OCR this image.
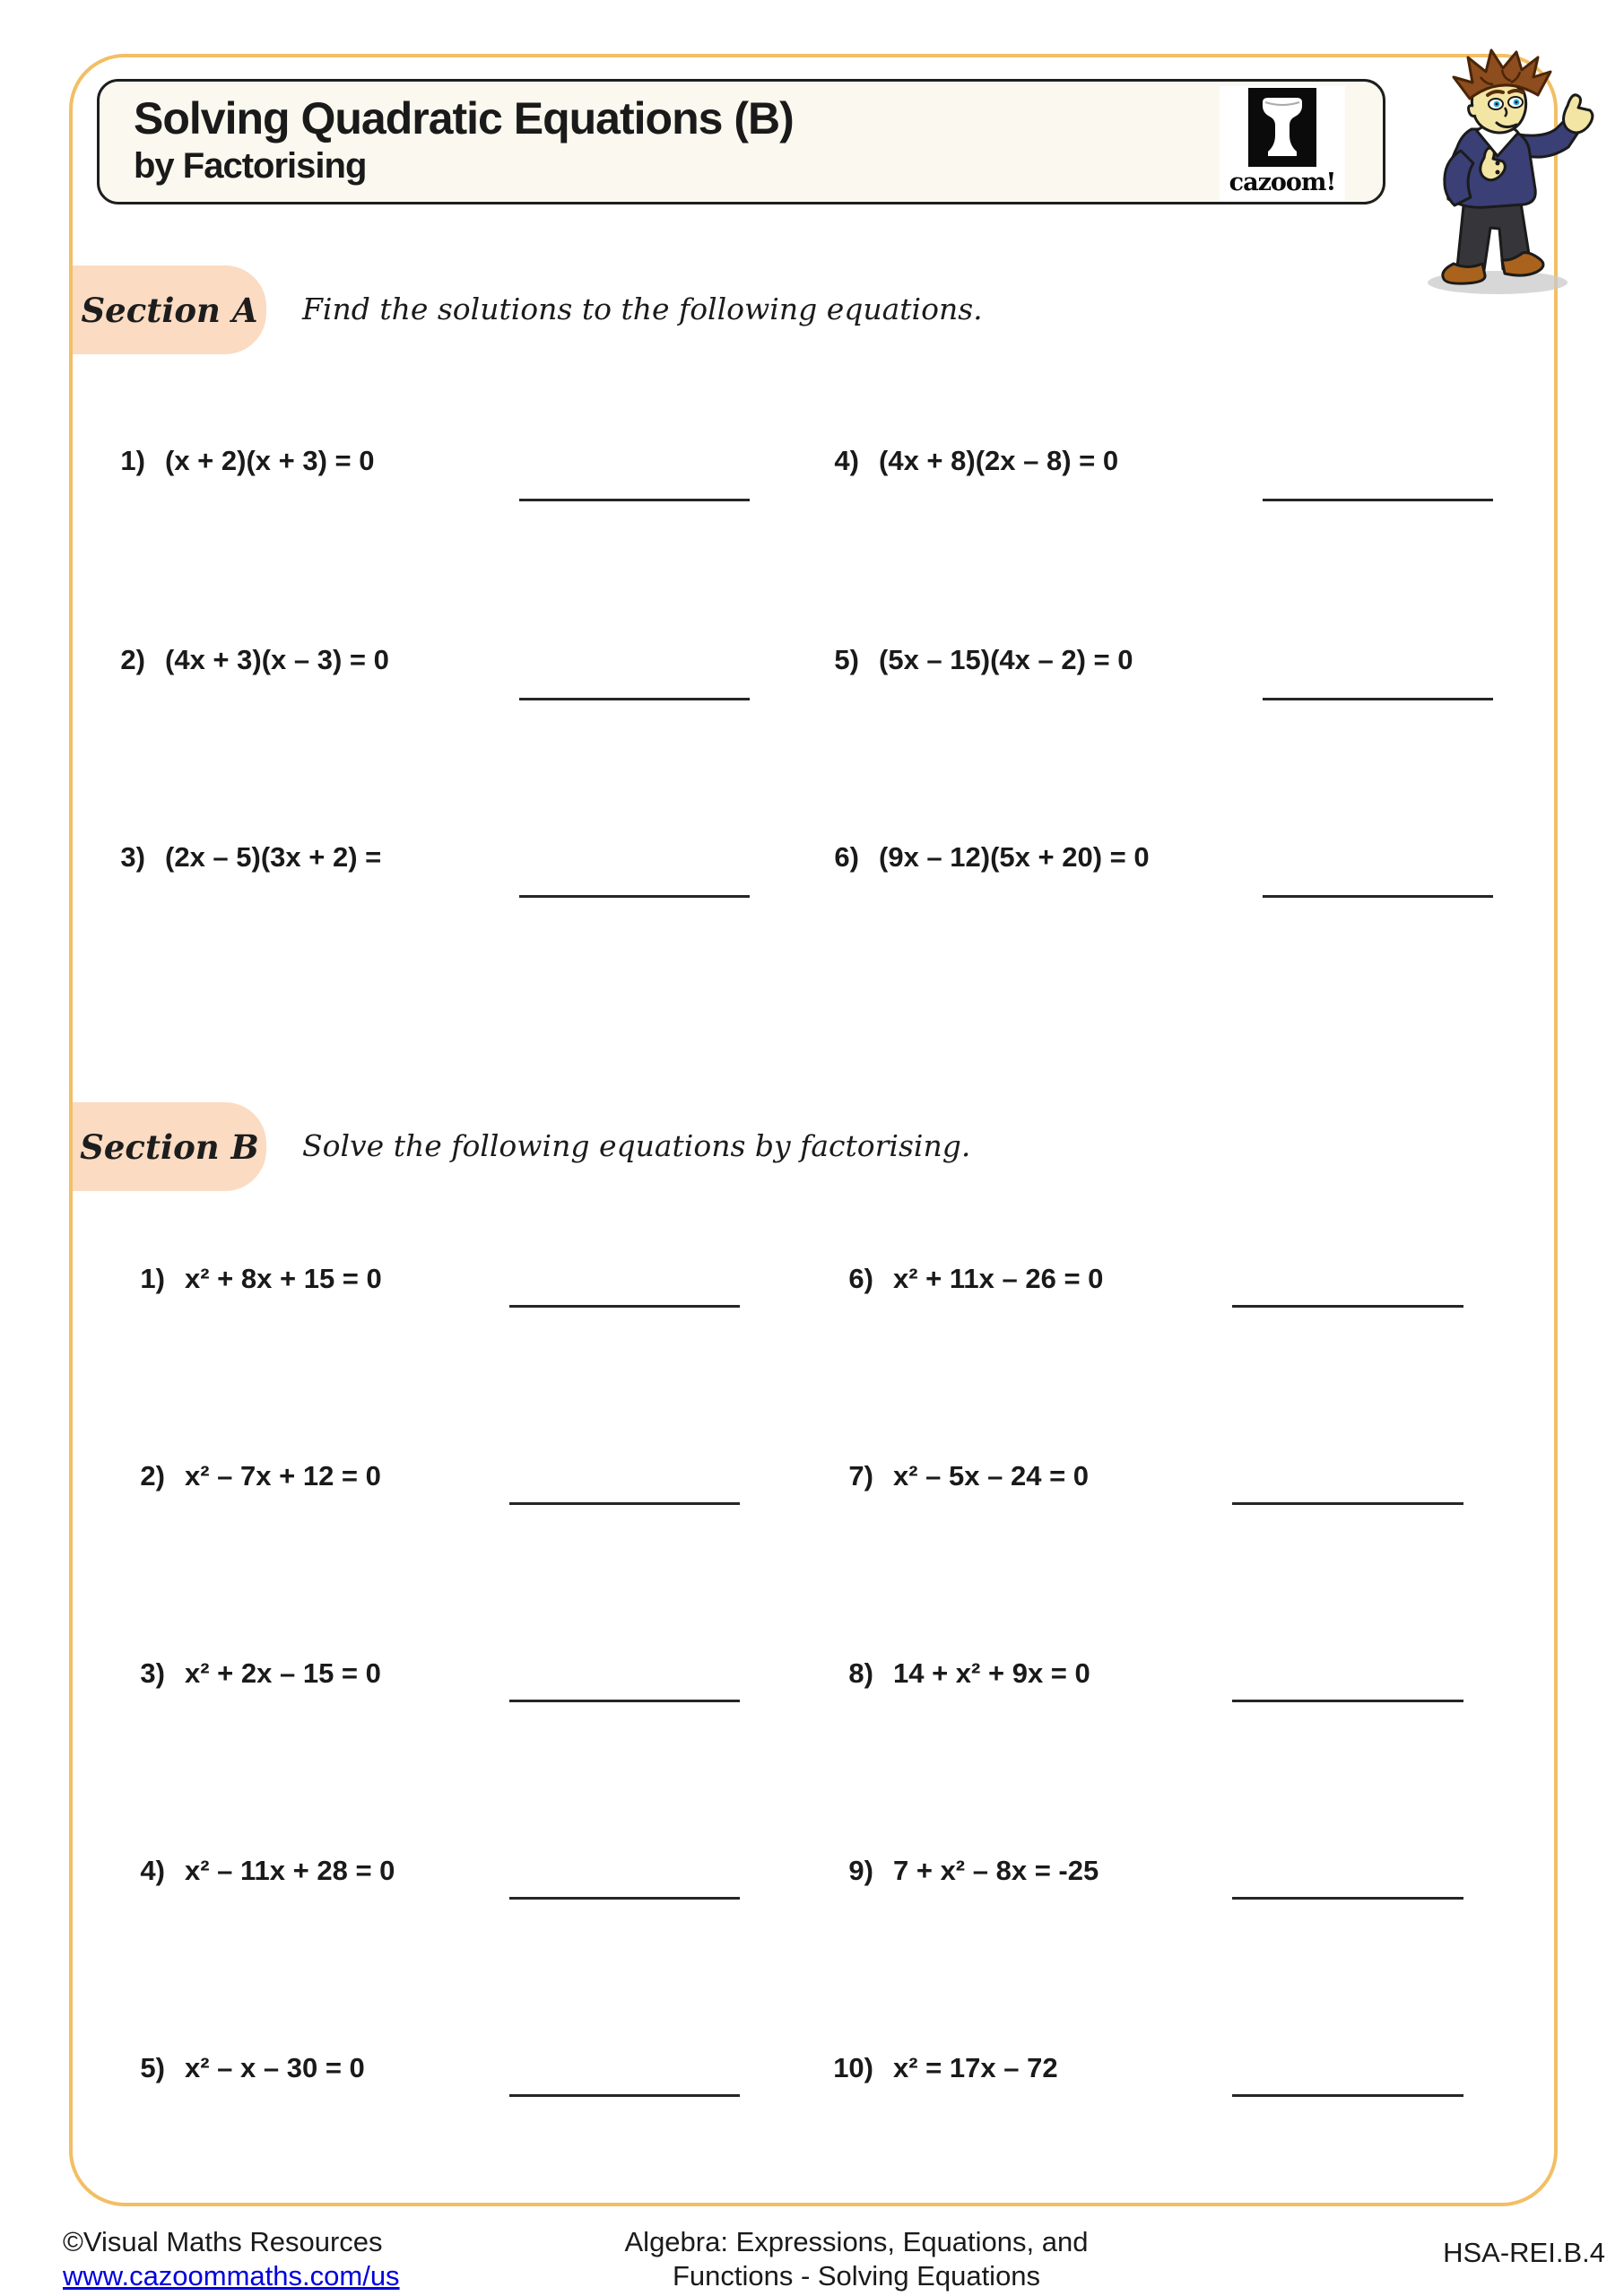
Solving Quadratic Equations (B)
by Factorising	cazoom!
Section A Find the solutions to the following equations.
1) (x + 2)(x + 3) = 0	4) (4x + 8)(2x – 8) = 0
2) (4x + 3)(x – 3) = 0	5) (5x – 15)(4x – 2) = 0
3) (2x – 5)(3x + 2) =	6) (9x – 12)(5x + 20) = 0
Section B Solve the following equations by factorising.
1) x² + 8x + 15 = 0	6) x² + 11x – 26 = 0
2) x² – 7x + 12 = 0	7) x² – 5x – 24 = 0
3) x² + 2x – 15 = 0	8) 14 + x² + 9x = 0
4) x² – 11x + 28 = 0	9) 7 + x² – 8x = -25
5) x² – x – 30 = 0	10) x² = 17x – 72
©Visual Maths Resources
www.cazoommaths.com/us
Algebra: Expressions, Equations, and
Functions - Solving Equations
HSA-REI.B.4
